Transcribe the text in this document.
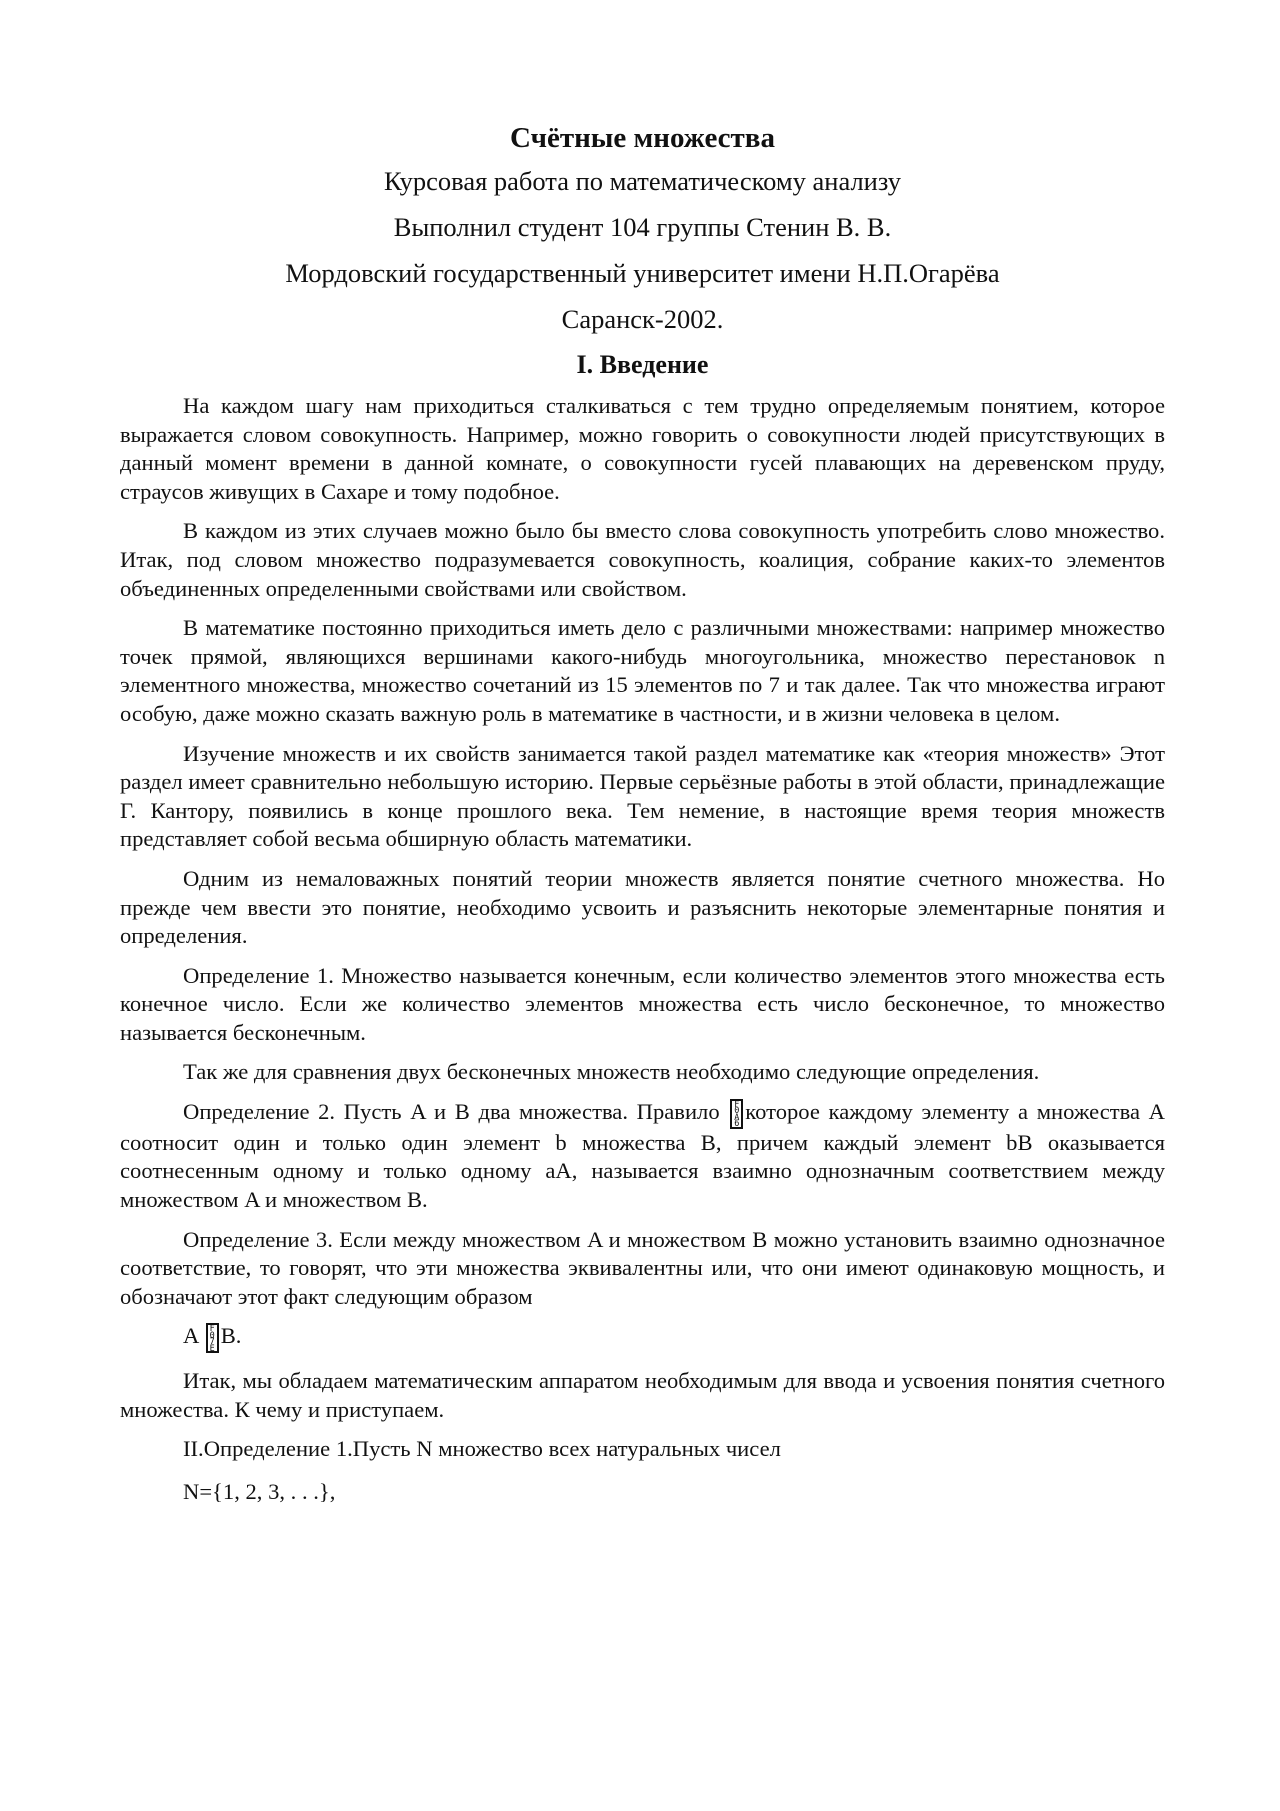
Счётные множества
Курсовая работа по математическому анализу
Выполнил студент 104 группы Стенин В. В.
Мордовский государственный университет имени Н.П.Огарёва
Саранск-2002.
I. Введение

На каждом шагу нам приходиться сталкиваться с тем трудно определяемым понятием, которое выражается словом совокупность. Например, можно говорить о совокупности людей присутствующих в данный момент времени в данной комнате, о совокупности гусей плавающих на деревенском пруду, страусов живущих в Сахаре и тому подобное.

В каждом из этих случаев можно было бы вместо слова совокупность употребить слово множество. Итак, под словом множество подразумевается совокупность, коалиция, собрание каких-то элементов объединенных определенными свойствами или свойством.

В математике постоянно приходиться иметь дело с различными множествами: например множество точек прямой, являющихся вершинами какого-нибудь многоугольника, множество перестановок n элементного множества, множество сочетаний из 15 элементов по 7 и так далее. Так что множества играют особую, даже можно сказать важную роль в математике в частности, и в жизни человека в целом.

Изучение множеств и их свойств занимается такой раздел математике как «теория множеств» Этот раздел имеет сравнительно небольшую историю. Первые серьёзные работы в этой области, принадлежащие Г. Кантору, появились в конце прошлого века. Тем немение, в настоящие время теория множеств представляет собой весьма обширную область математики.

Одним из немаловажных понятий теории множеств является понятие счетного множества. Но прежде чем ввести это понятие, необходимо усвоить и разъяснить некоторые элементарные понятия и определения.

Определение 1. Множество называется конечным, если количество элементов этого множества есть конечное число. Если же количество элементов множества есть число бесконечное, то множество называется бесконечным.

Так же для сравнения двух бесконечных множеств необходимо следующие определения.

Определение 2. Пусть A и B два множества. Правило F0A6которое каждому элементу a множества A соотносит один и только один элемент b множества B, причем каждый элемент bB оказывается соотнесенным одному и только одному aA, называется взаимно однозначным соответствием между множеством A и множеством B.

Определение 3. Если между множеством A и множеством B можно установить взаимно однозначное соответствие, то говорят, что эти множества эквивалентны или, что они имеют одинаковую мощность, и обозначают этот факт следующим образом

A F07EB.

Итак, мы обладаем математическим аппаратом необходимым для ввода и усвоения понятия счетного множества. К чему и приступаем.

II.Определение 1.Пусть N множество всех натуральных чисел
N={1, 2, 3, . . .},
